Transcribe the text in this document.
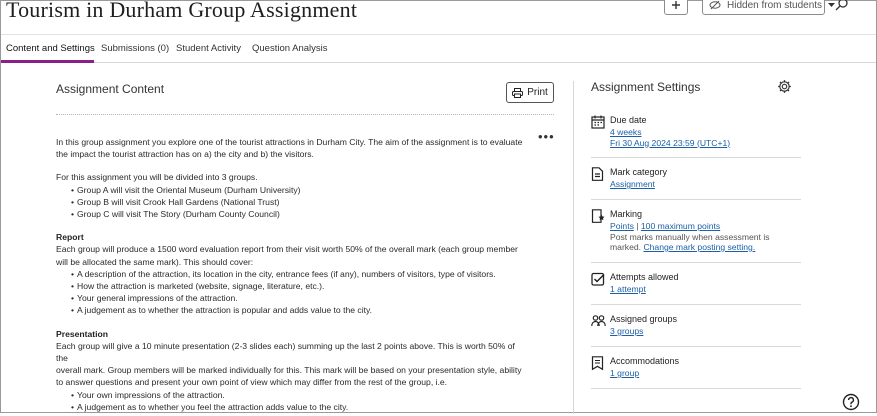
Tourism in Durham Group Assignment	Hidden from students
Content and Settings Submissions (0) Student Activity Question Analysis
Assignment Content	Print
•••

In this group assignment you explore one of the tourist attractions in Durham City. The aim of the assignment is to evaluate

the impact the tourist attraction has on a) the city and b) the visitors.

For this assignment you will be divided into 3 groups.

• Group A will visit the Oriental Museum (Durham University)
• Group B will visit Crook Hall Gardens (National Trust)
• Group C will visit The Story (Durham County Council)

Report

Each group will produce a 1500 word evaluation report from their visit worth 50% of the overall mark (each group member

will be allocated the same mark). This should cover:

• A description of the attraction, its location in the city, entrance fees (if any), numbers of visitors, type of visitors.
• How the attraction is marketed (website, signage, literature, etc.).
• Your general impressions of the attraction.
• A judgement as to whether the attraction is popular and adds value to the city.

Presentation

Each group will give a 10 minute presentation (2-3 slides each) summing up the last 2 points above. This is worth 50% of the

overall mark. Group members will be marked individually for this. This mark will be based on your presentation style, ability

to answer questions and present your own point of view which may differ from the rest of the group, i.e.

• Your own impressions of the attraction.
• A judgement as to whether you feel the attraction adds value to the city.
Assignment Settings
Due date
4 weeks
Fri 30 Aug 2024 23:59 (UTC+1)
Mark category
Assignment
Marking
Points | 100 maximum points
Post marks manually when assessment is
marked. Change mark posting setting.
Attempts allowed
1 attempt
Assigned groups
3 groups
Accommodations
1 group
